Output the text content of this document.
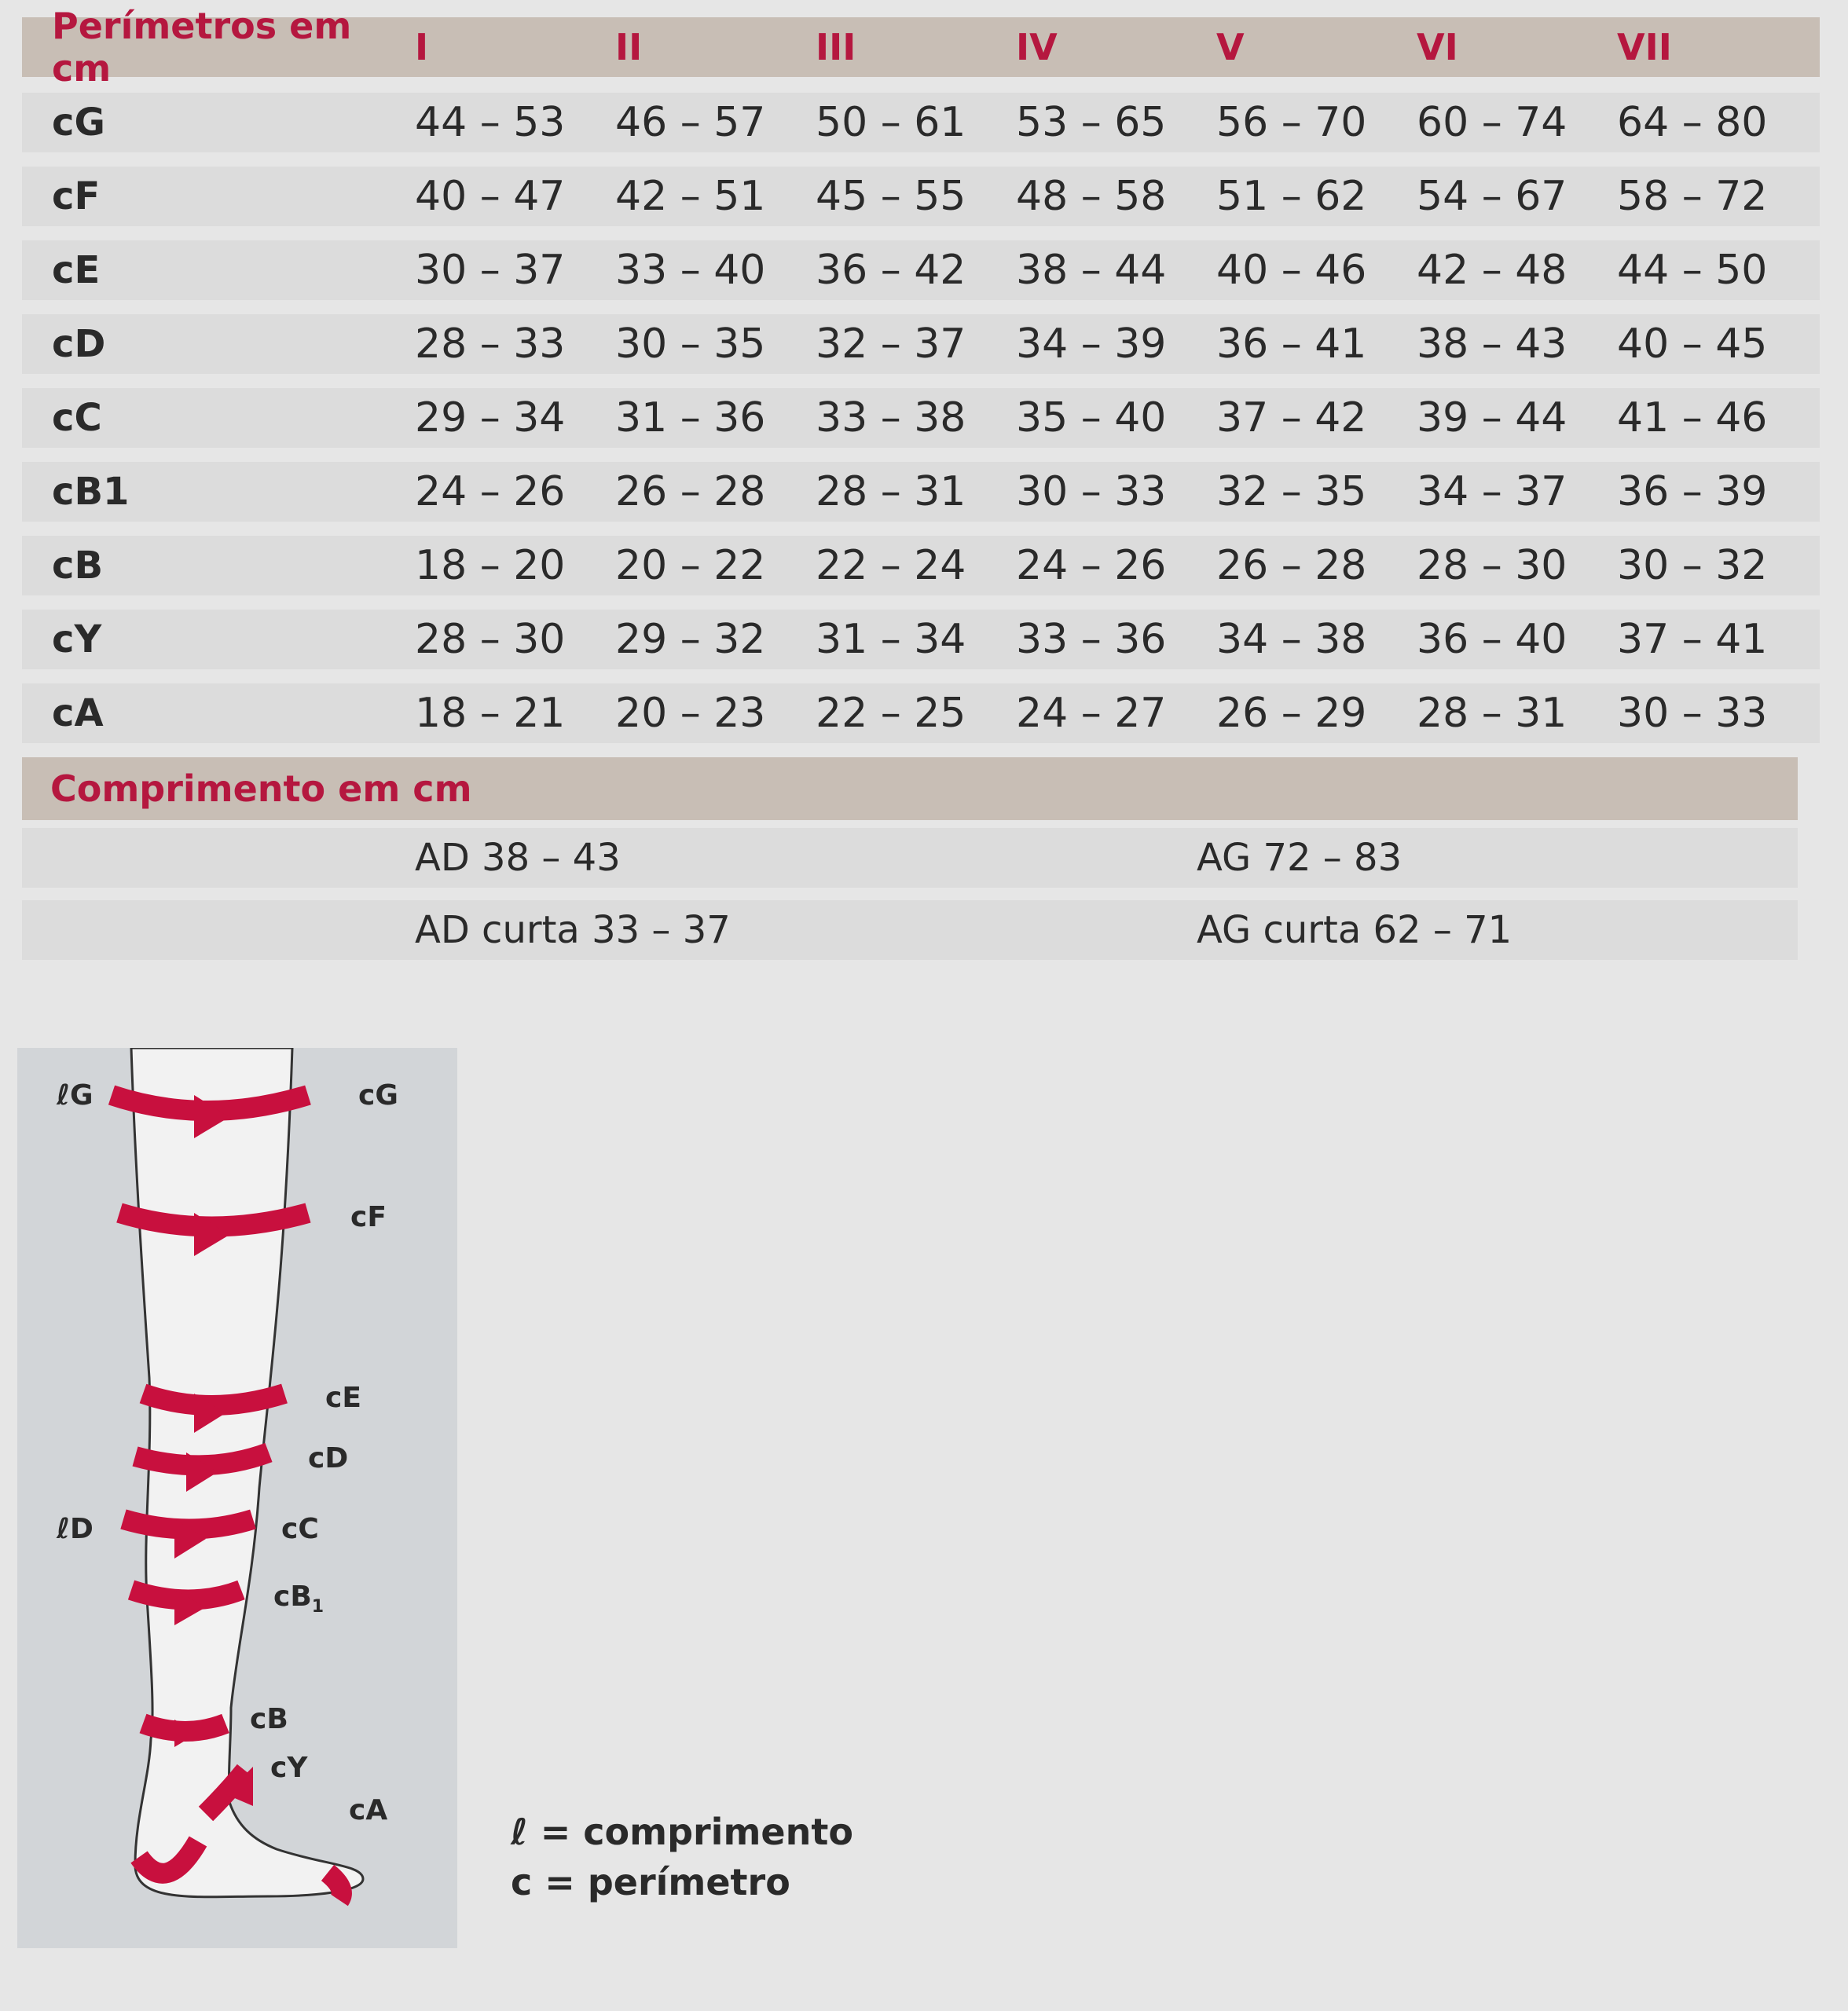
Perímetros em cm	I	II	III	IV	V	VI	VII
cG	44 – 53	46 – 57	50 – 61	53 – 65	56 – 70	60 – 74	64 – 80
cF	40 – 47	42 – 51	45 – 55	48 – 58	51 – 62	54 – 67	58 – 72
cE	30 – 37	33 – 40	36 – 42	38 – 44	40 – 46	42 – 48	44 – 50
cD	28 – 33	30 – 35	32 – 37	34 – 39	36 – 41	38 – 43	40 – 45
cC	29 – 34	31 – 36	33 – 38	35 – 40	37 – 42	39 – 44	41 – 46
cB1	24 – 26	26 – 28	28 – 31	30 – 33	32 – 35	34 – 37	36 – 39
cB	18 – 20	20 – 22	22 – 24	24 – 26	26 – 28	28 – 30	30 – 32
cY	28 – 30	29 – 32	31 – 34	33 – 36	34 – 38	36 – 40	37 – 41
cA	18 – 21	20 – 23	22 – 25	24 – 27	26 – 29	28 – 31	30 – 33
Comprimento em cm
AD 38 – 43	AG 72 – 83
AD curta 33 – 37	AG curta 62 – 71
ℓG	cG
cF
cE
cD
ℓD	cC
$cB_1$
cB
cY
cA
ℓ = comprimento
c = perímetro
